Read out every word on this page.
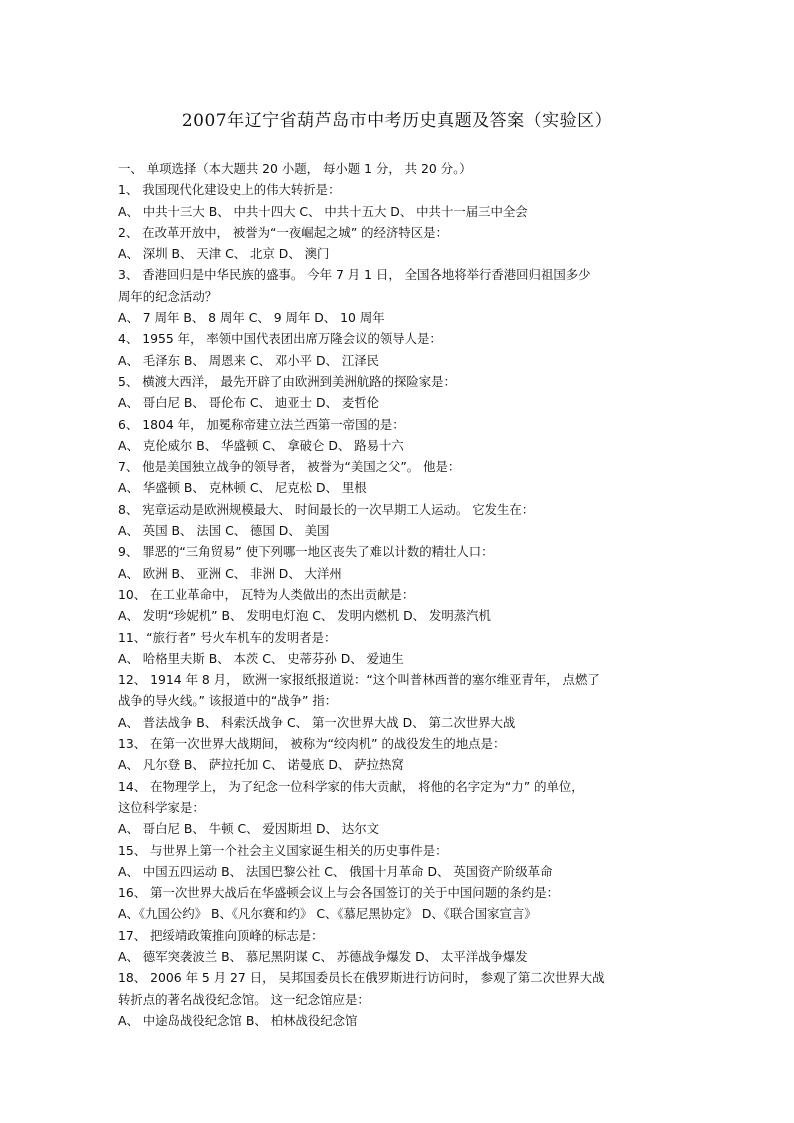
2007年辽宁省葫芦岛市中考历史真题及答案（实验区）
一、 单项选择（本大题共 20 小题， 每小题 1 分， 共 20 分。）
1、 我国现代化建设史上的伟大转折是：
A、 中共十三大 B、 中共十四大 C、 中共十五大 D、 中共十一届三中全会
2、 在改革开放中， 被誉为“一夜崛起之城” 的经济特区是：
A、 深圳 B、 天津 C、 北京 D、 澳门
3、 香港回归是中华民族的盛事。 今年 7 月 1 日， 全国各地将举行香港回归祖国多少
周年的纪念活动？
A、 7 周年 B、 8 周年 C、 9 周年 D、 10 周年
4、 1955 年， 率领中国代表团出席万隆会议的领导人是：
A、 毛泽东 B、 周恩来 C、 邓小平 D、 江泽民
5、 横渡大西洋， 最先开辟了由欧洲到美洲航路的探险家是：
A、 哥白尼 B、 哥伦布 C、 迪亚士 D、 麦哲伦
6、 1804 年， 加冕称帝建立法兰西第一帝国的是：
A、 克伦威尔 B、 华盛顿 C、 拿破仑 D、 路易十六
7、 他是美国独立战争的领导者， 被誉为“美国之父”。 他是：
A、 华盛顿 B、 克林顿 C、 尼克松 D、 里根
8、 宪章运动是欧洲规模最大、 时间最长的一次早期工人运动。 它发生在：
A、 英国 B、 法国 C、 德国 D、 美国
9、 罪恶的“三角贸易” 使下列哪一地区丧失了难以计数的精壮人口：
A、 欧洲 B、 亚洲 C、 非洲 D、 大洋州
10、 在工业革命中， 瓦特为人类做出的杰出贡献是：
A、 发明“珍妮机” B、 发明电灯泡 C、 发明内燃机 D、 发明蒸汽机
11、“旅行者” 号火车机车的发明者是：
A、 哈格里夫斯 B、 本茨 C、 史蒂芬孙 D、 爱迪生
12、 1914 年 8 月， 欧洲一家报纸报道说：“这个叫普林西普的塞尔维亚青年， 点燃了
战争的导火线。” 该报道中的“战争” 指：
A、 普法战争 B、 科索沃战争 C、 第一次世界大战 D、 第二次世界大战
13、 在第一次世界大战期间， 被称为“绞肉机” 的战役发生的地点是：
A、 凡尔登 B、 萨拉托加 C、 诺曼底 D、 萨拉热窝
14、 在物理学上， 为了纪念一位科学家的伟大贡献， 将他的名字定为“力” 的单位，
这位科学家是：
A、 哥白尼 B、 牛顿 C、 爱因斯坦 D、 达尔文
15、 与世界上第一个社会主义国家诞生相关的历史事件是：
A、 中国五四运动 B、 法国巴黎公社 C、 俄国十月革命 D、 英国资产阶级革命
16、 第一次世界大战后在华盛顿会议上与会各国签订的关于中国问题的条约是：
A、《九国公约》 B、《凡尔赛和约》 C、《慕尼黑协定》 D、《联合国家宣言》
17、 把绥靖政策推向顶峰的标志是：
A、 德军突袭波兰 B、 慕尼黑阴谋 C、 苏德战争爆发 D、 太平洋战争爆发
18、 2006 年 5 月 27 日， 吴邦国委员长在俄罗斯进行访问时， 参观了第二次世界大战
转折点的著名战役纪念馆。 这一纪念馆应是：
A、 中途岛战役纪念馆 B、 柏林战役纪念馆
